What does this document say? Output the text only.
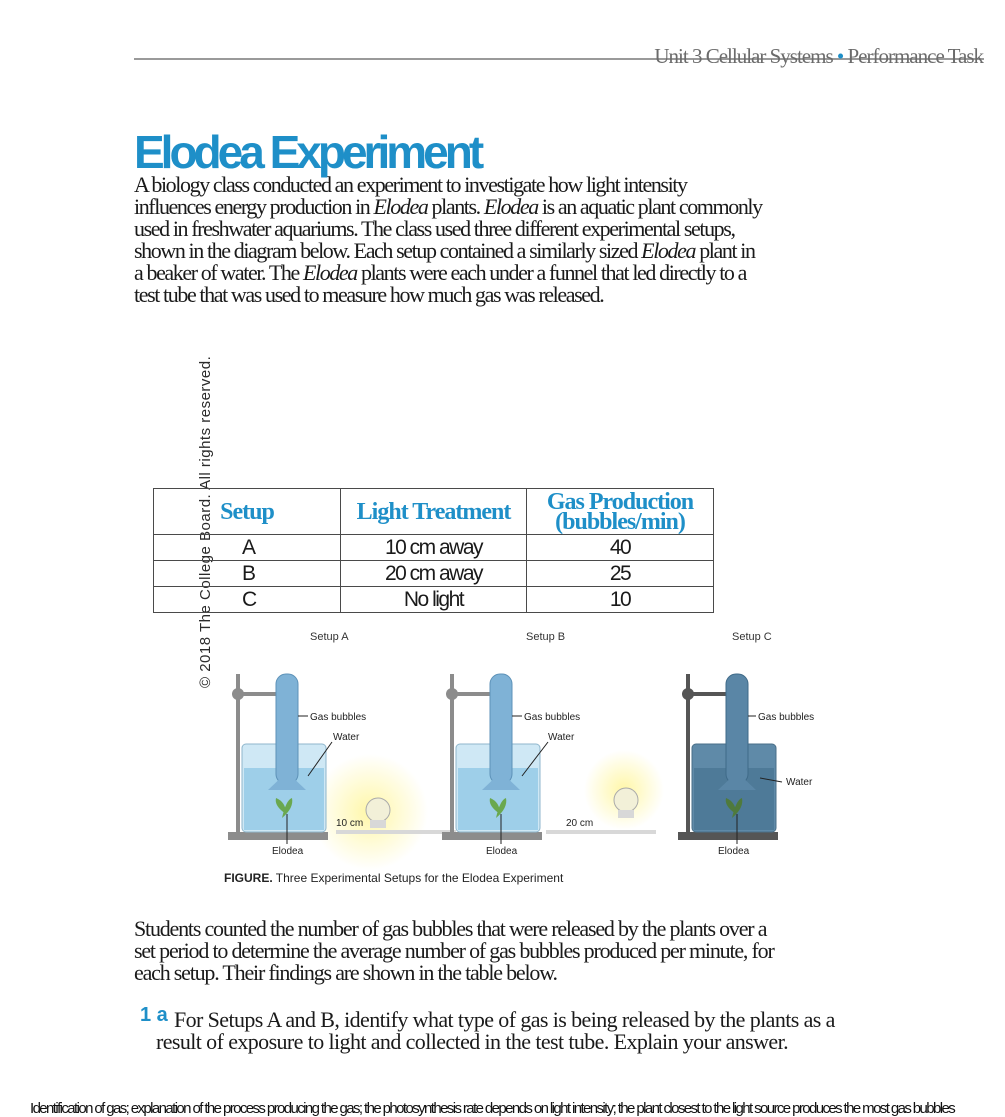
Unit 3 Cellular Systems • Performance Task
Elodea Experiment

A biology class conducted an experiment to investigate how light intensity influences energy production in Elodea plants. Elodea is an aquatic plant commonly used in freshwater aquariums. The class used three different experimental setups, shown in the diagram below. Each setup contained a similarly sized Elodea plant in a beaker of water. The Elodea plants were each under a funnel that led directly to a test tube that was used to measure how much gas was released.

© 2018 The College Board. All rights reserved. Setup	Light Treatment	Gas Production (bubbles/min)
A	10 cm away	40
B	20 cm away	25
C	No light	10
Setup A	Setup B	Setup C
Gas bubbles
Water
Elodea
10 cm
Gas bubbles
Water
Elodea
20 cm
Gas bubbles
Water
Elodea
FIGURE. Three Experimental Setups for the Elodea Experiment

Students counted the number of gas bubbles that were released by the plants over a set period to determine the average number of gas bubbles produced per minute, for each setup. Their findings are shown in the table below.

1 a For Setups A and B, identify what type of gas is being released by the plants as a result of exposure to light and collected in the test tube. Explain your answer.

Identification of gas; explanation of the process producing the gas; the photosynthesis rate depends on light intensity; the plant closest to the light source produces the most gas bubbles
